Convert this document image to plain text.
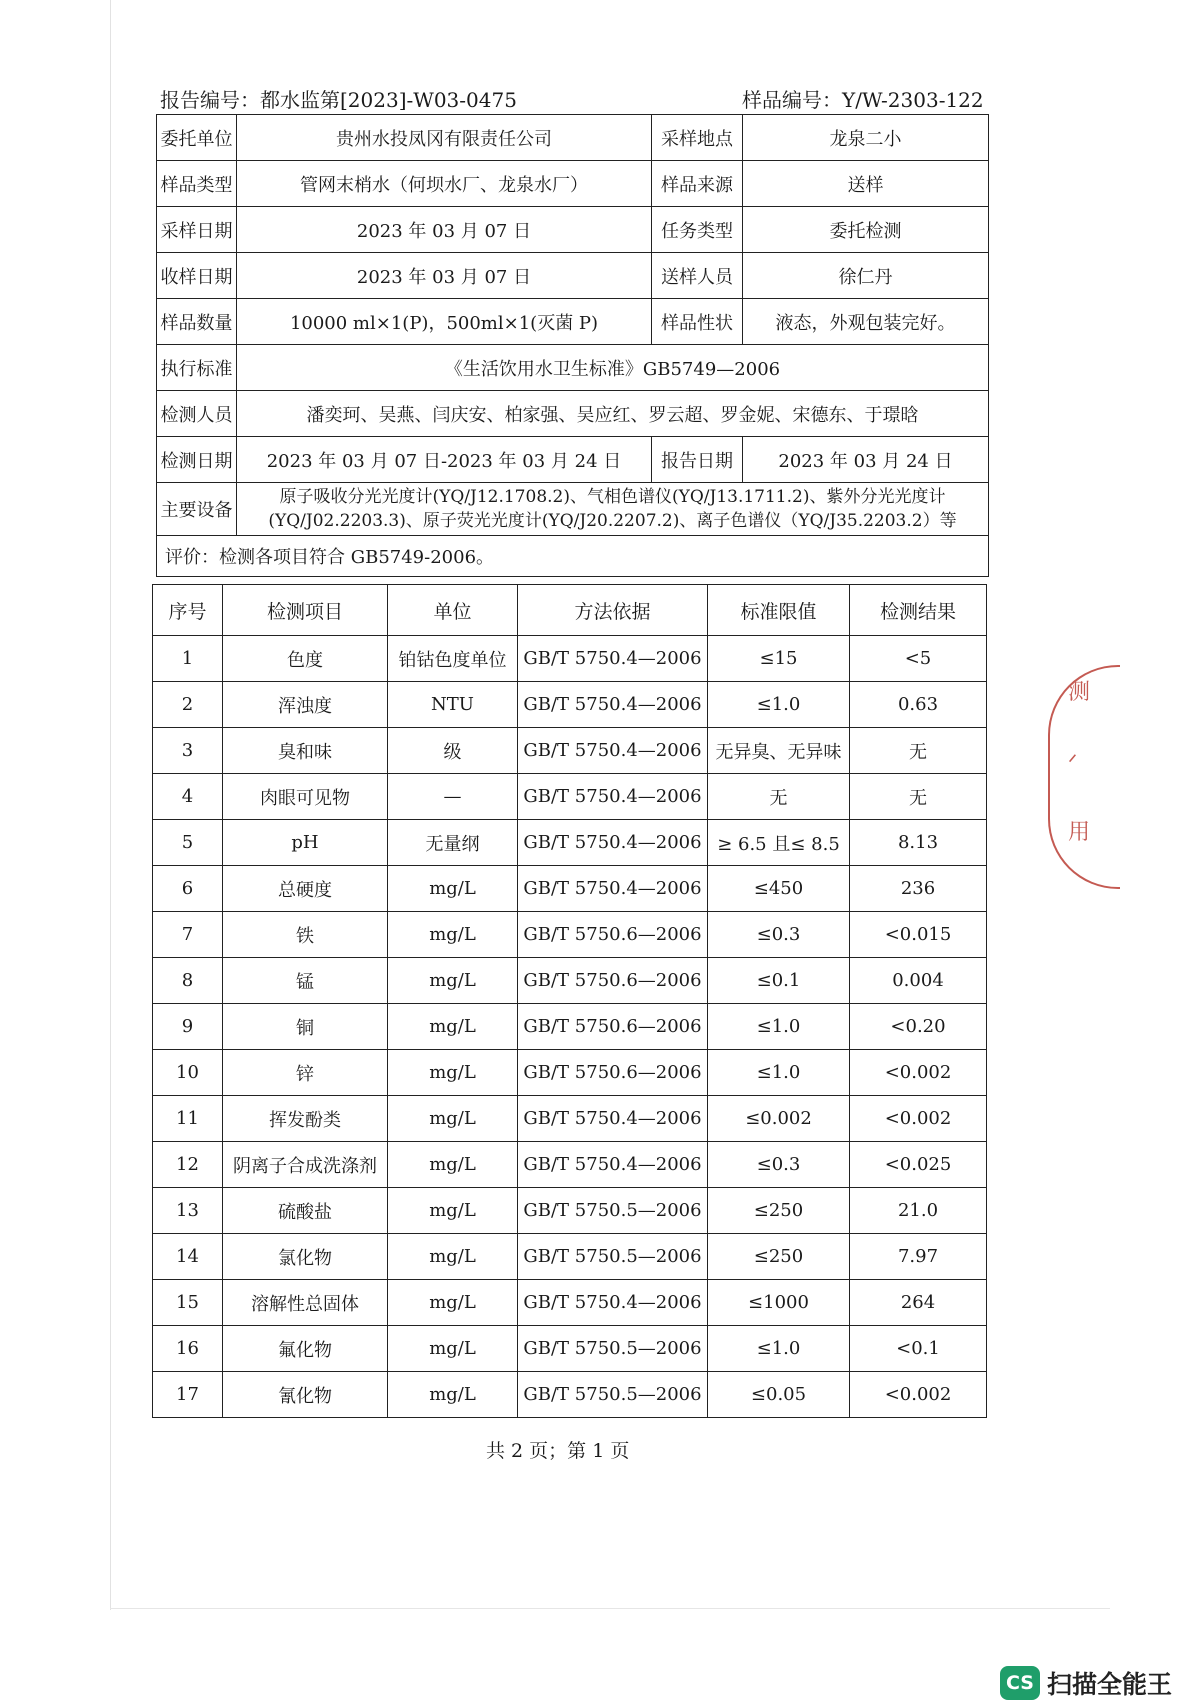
报告编号：都水监第[2023]-W03-0475	样品编号：Y/W-2303-122
委托单位	贵州水投凤冈有限责任公司	采样地点	龙泉二小
样品类型	管网末梢水（何坝水厂、龙泉水厂）	样品来源	送样
采样日期	2023 年 03 月 07 日	任务类型	委托检测
收样日期	2023 年 03 月 07 日	送样人员	徐仁丹
样品数量	10000 ml×1(P)，500ml×1(灭菌 P)	样品性状	液态，外观包装完好。
执行标准	《生活饮用水卫生标准》GB5749—2006		
检测人员	潘奕珂、吴燕、闫庆安、柏家强、吴应红、罗云超、罗金妮、宋德东、于璟晗		
检测日期	2023 年 03 月 07 日-2023 年 03 月 24 日	报告日期	2023 年 03 月 24 日
主要设备	原子吸收分光光度计(YQ/J12.1708.2)、气相色谱仪(YQ/J13.1711.2)、紫外分光光度计
(YQ/J02.2203.3)、原子荧光光度计(YQ/J20.2207.2)、离子色谱仪（YQ/J35.2203.2）等		

评价：检测各项目符合 GB5749-2006。			
序号	检测项目	单位	方法依据	标准限值	检测结果
1	色度	铂钴色度单位	GB/T 5750.4—2006	≤15	<5
2	浑浊度	NTU	GB/T 5750.4—2006	≤1.0	0.63
3	臭和味	级	GB/T 5750.4—2006	无异臭、无异味	无
4	肉眼可见物	—	GB/T 5750.4—2006	无	无
5	pH	无量纲	GB/T 5750.4—2006	≥ 6.5 且≤ 8.5	8.13
6	总硬度	mg/L	GB/T 5750.4—2006	≤450	236
7	铁	mg/L	GB/T 5750.6—2006	≤0.3	<0.015
8	锰	mg/L	GB/T 5750.6—2006	≤0.1	0.004
9	铜	mg/L	GB/T 5750.6—2006	≤1.0	<0.20
10	锌	mg/L	GB/T 5750.6—2006	≤1.0	<0.002
11	挥发酚类	mg/L	GB/T 5750.4—2006	≤0.002	<0.002
12	阴离子合成洗涤剂	mg/L	GB/T 5750.4—2006	≤0.3	<0.025
13	硫酸盐	mg/L	GB/T 5750.5—2006	≤250	21.0
14	氯化物	mg/L	GB/T 5750.5—2006	≤250	7.97
15	溶解性总固体	mg/L	GB/T 5750.4—2006	≤1000	264
16	氟化物	mg/L	GB/T 5750.5—2006	≤1.0	<0.1
17	氰化物	mg/L	GB/T 5750.5—2006	≤0.05	<0.002
共 2 页；第 1 页
测
ᐟ
用
CS 扫描全能王
